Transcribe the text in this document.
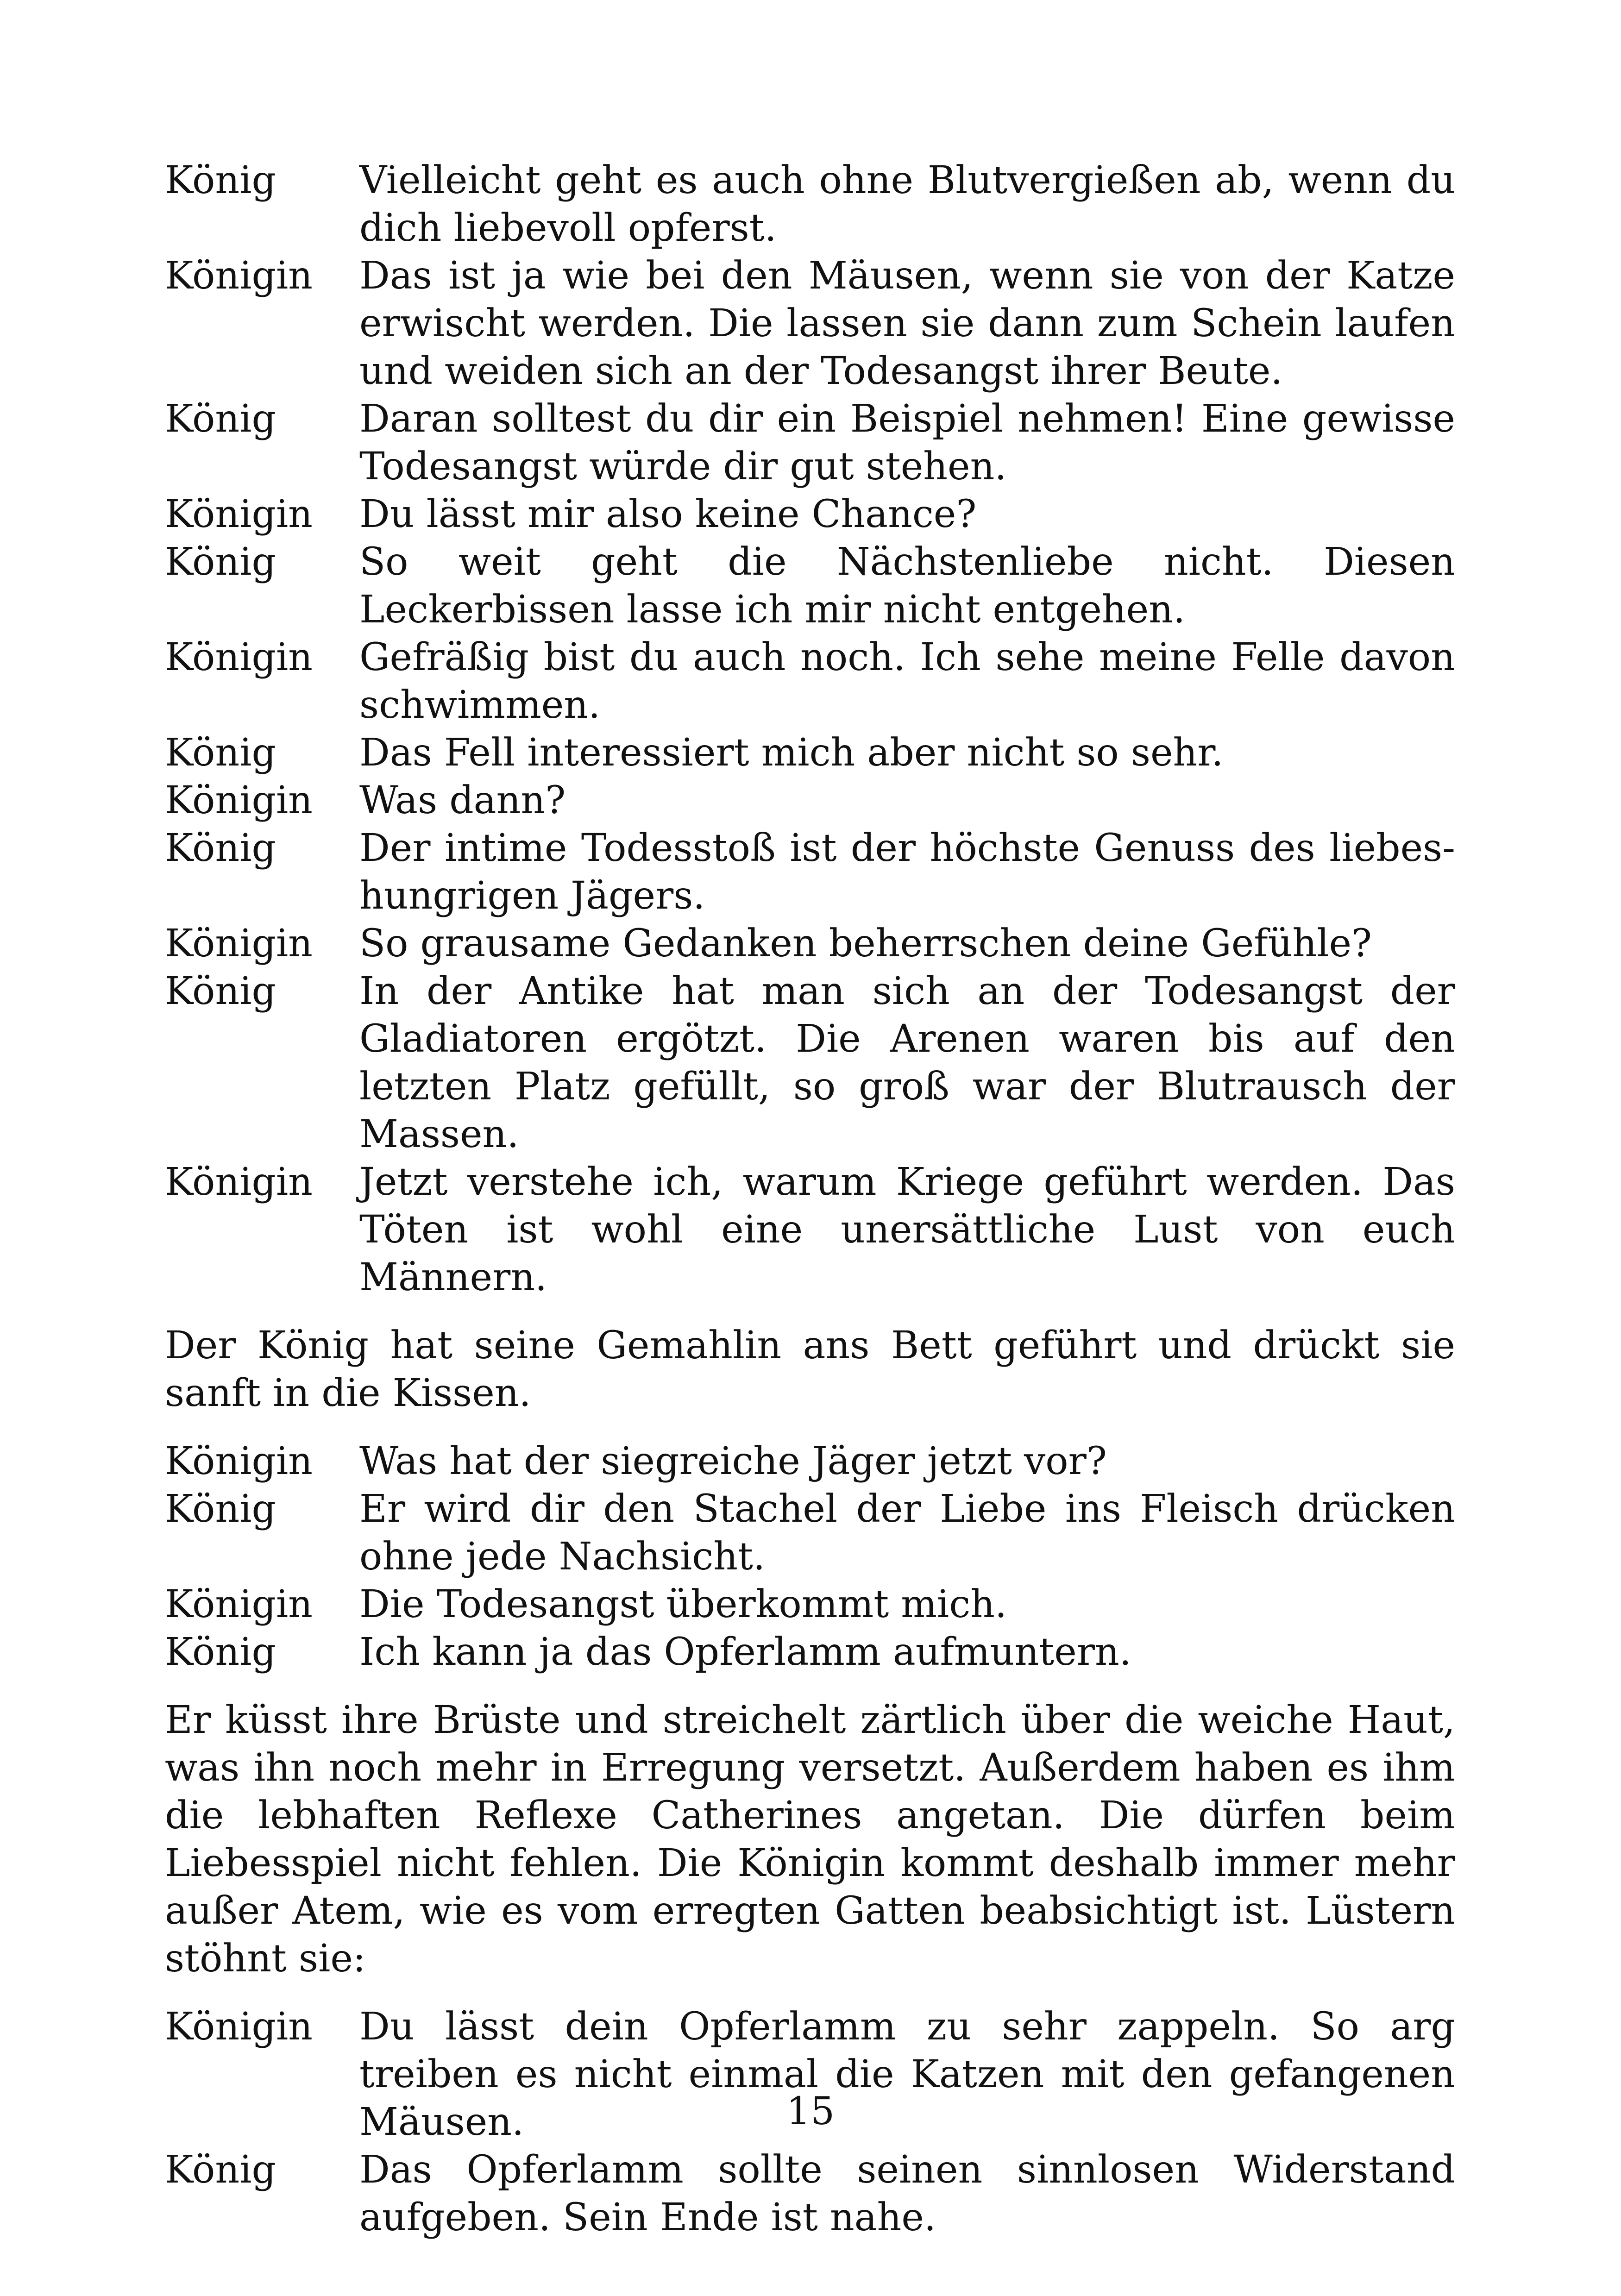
König	Vielleicht geht es auch ohne Blutvergießen ab, wenn du dich liebevoll opferst.
Königin	Das ist ja wie bei den Mäusen, wenn sie von der Katze erwischt werden. Die lassen sie dann zum Schein laufen und weiden sich an der Todesangst ihrer Beute.
König	Daran solltest du dir ein Beispiel nehmen! Eine gewisse Todesangst würde dir gut stehen.
Königin	Du lässt mir also keine Chance?
König	So weit geht die Nächstenliebe nicht. Diesen Leckerbissen lasse ich mir nicht entgehen.
Königin	Gefräßig bist du auch noch. Ich sehe meine Felle davon schwimmen.
König	Das Fell interessiert mich aber nicht so sehr.
Königin	Was dann?
König	Der intime Todesstoß ist der höchste Genuss des liebeshungrigen Jägers.
Königin	So grausame Gedanken beherrschen deine Gefühle?
König	In der Antike hat man sich an der Todesangst der Gladiatoren ergötzt. Die Arenen waren bis auf den letzten Platz gefüllt, so groß war der Blutrausch der Massen.
Königin	Jetzt verstehe ich, warum Kriege geführt werden. Das Töten ist wohl eine unersättliche Lust von euch Männern.

Der König hat seine Gemahlin ans Bett geführt und drückt sie sanft in die Kissen.

Königin	Was hat der siegreiche Jäger jetzt vor?
König	Er wird dir den Stachel der Liebe ins Fleisch drücken ohne jede Nachsicht.
Königin	Die Todesangst überkommt mich.
König	Ich kann ja das Opferlamm aufmuntern.

Er küsst ihre Brüste und streichelt zärtlich über die weiche Haut, was ihn noch mehr in Erregung versetzt. Außerdem haben es ihm die lebhaften Reflexe Catherines angetan. Die dürfen beim Liebesspiel nicht fehlen. Die Königin kommt deshalb immer mehr außer Atem, wie es vom erregten Gatten beabsichtigt ist. Lüstern stöhnt sie:

Königin	Du lässt dein Opferlamm zu sehr zappeln. So arg treiben es nicht einmal die Katzen mit den gefangenen Mäusen.
König	Das Opferlamm sollte seinen sinnlosen Widerstand aufgeben. Sein Ende ist nahe.
15
